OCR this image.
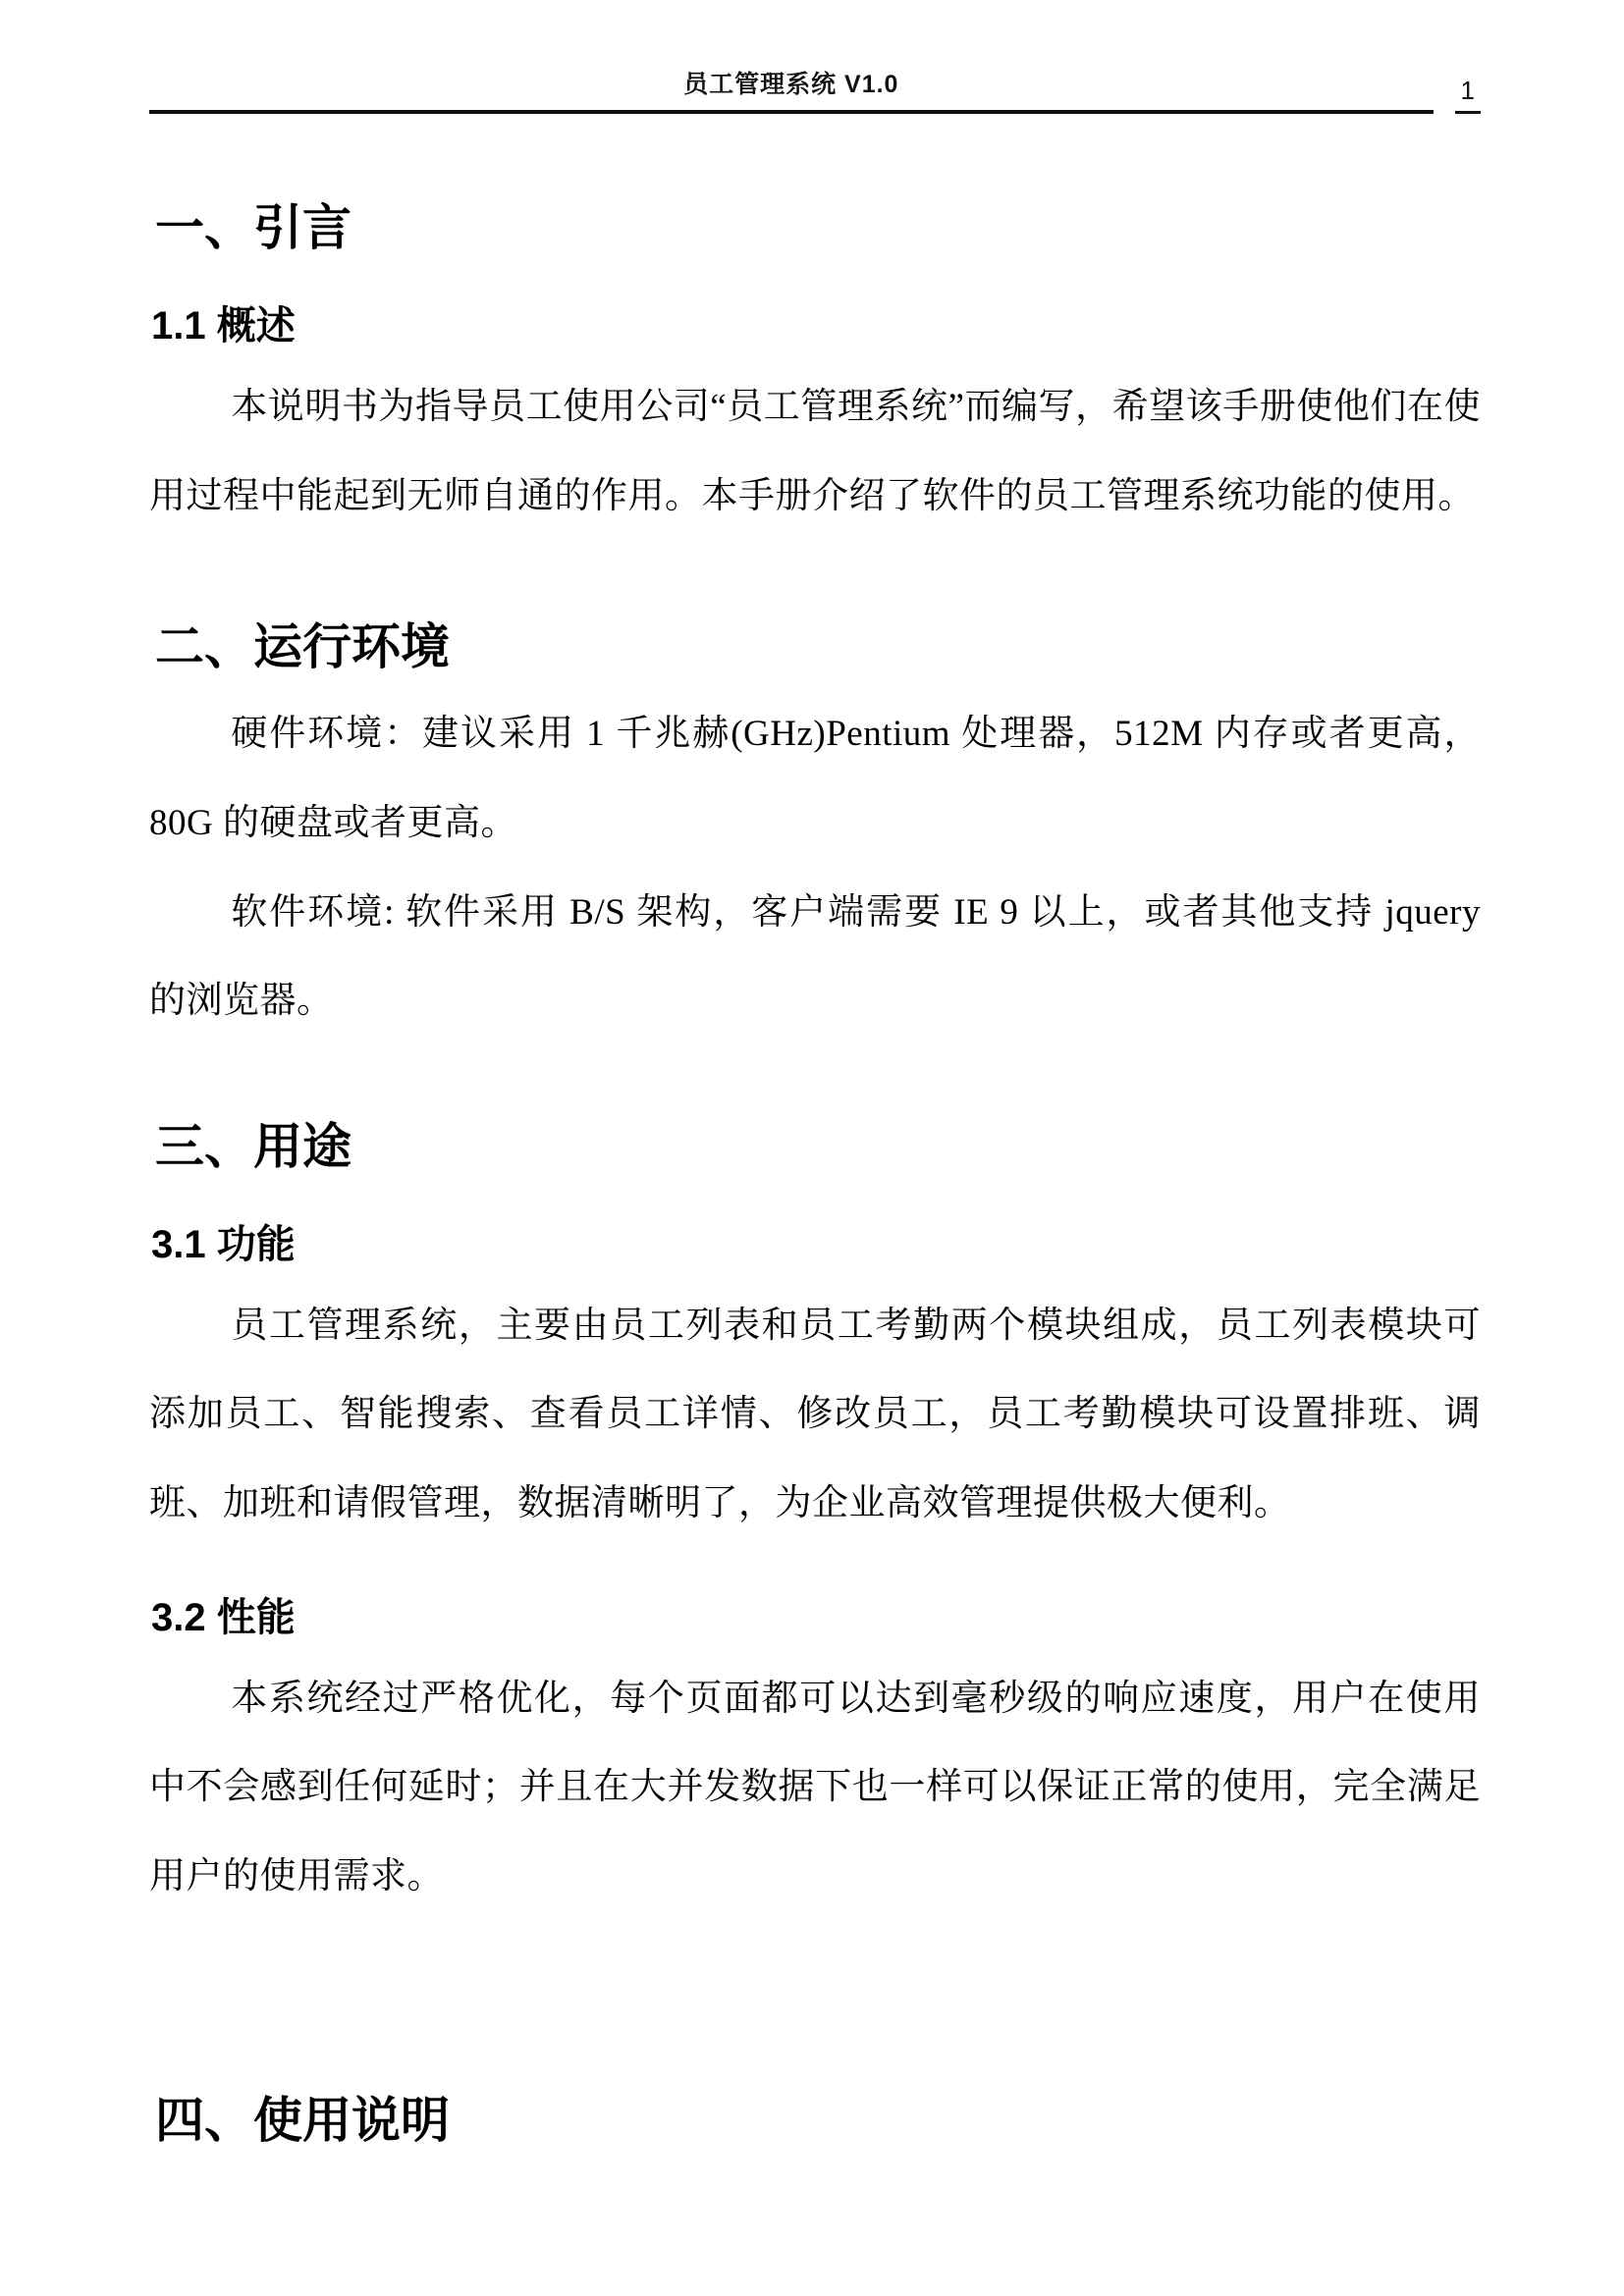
员工管理系统 V1.0	1
一、引言
1.1 概述

本说明书为指导员工使用公司“员工管理系统”而编写，希望该手册使他们在使用过程中能起到无师自通的作用。本手册介绍了软件的员工管理系统功能的使用。

二、运行环境

硬件环境：建议采用 1 千兆赫(GHz)Pentium 处理器，512M 内存或者更高，80G 的硬盘或者更高。

软件环境: 软件采用 B/S 架构，客户端需要 IE 9 以上，或者其他支持 jquery 的浏览器。

三、用途
3.1 功能

员工管理系统，主要由员工列表和员工考勤两个模块组成，员工列表模块可添加员工、智能搜索、查看员工详情、修改员工，员工考勤模块可设置排班、调班、加班和请假管理，数据清晰明了，为企业高效管理提供极大便利。

3.2 性能

本系统经过严格优化，每个页面都可以达到毫秒级的响应速度，用户在使用中不会感到任何延时；并且在大并发数据下也一样可以保证正常的使用，完全满足用户的使用需求。

四、使用说明
